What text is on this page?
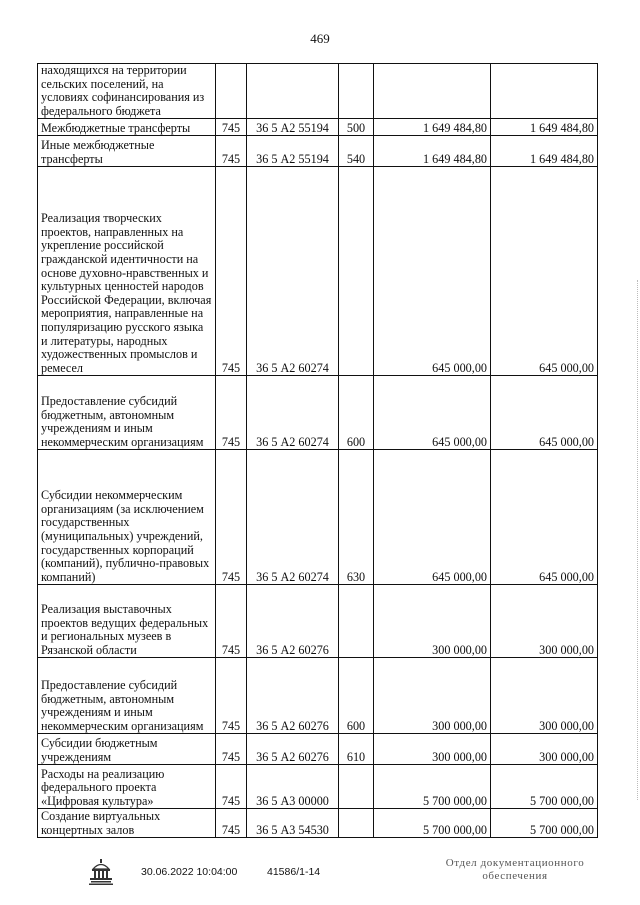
469
находящихся на территории сельских поселений, на условиях софинансирования из федерального бюджета					
Межбюджетные трансферты	745	36 5 А2 55194	500	1 649 484,80	1 649 484,80
Иные межбюджетные трансферты	745	36 5 А2 55194	540	1 649 484,80	1 649 484,80
Реализация творческих проектов, направленных на укрепление российской гражданской идентичности на основе духовно-нравственных и культурных ценностей народов Российской Федерации, включая мероприятия, направленные на популяризацию русского языка и литературы, народных художественных промыслов и ремесел	745	36 5 А2 60274		645 000,00	645 000,00
Предоставление субсидий бюджетным, автономным учреждениям и иным некоммерческим организациям	745	36 5 А2 60274	600	645 000,00	645 000,00
Субсидии некоммерческим организациям (за исключением государственных (муниципальных) учреждений, государственных корпораций (компаний), публично-правовых компаний)	745	36 5 А2 60274	630	645 000,00	645 000,00
Реализация выставочных проектов ведущих федеральных и региональных музеев в Рязанской области	745	36 5 А2 60276		300 000,00	300 000,00
Предоставление субсидий бюджетным, автономным учреждениям и иным некоммерческим организациям	745	36 5 А2 60276	600	300 000,00	300 000,00
Субсидии бюджетным учреждениям	745	36 5 А2 60276	610	300 000,00	300 000,00
Расходы на реализацию федерального проекта «Цифровая культура»	745	36 5 А3 00000		5 700 000,00	5 700 000,00
Создание виртуальных концертных залов	745	36 5 А3 54530		5 700 000,00	5 700 000,00
30.06.2022 10:04:00	41586/1-14
Отдел документационного
обеспечения
